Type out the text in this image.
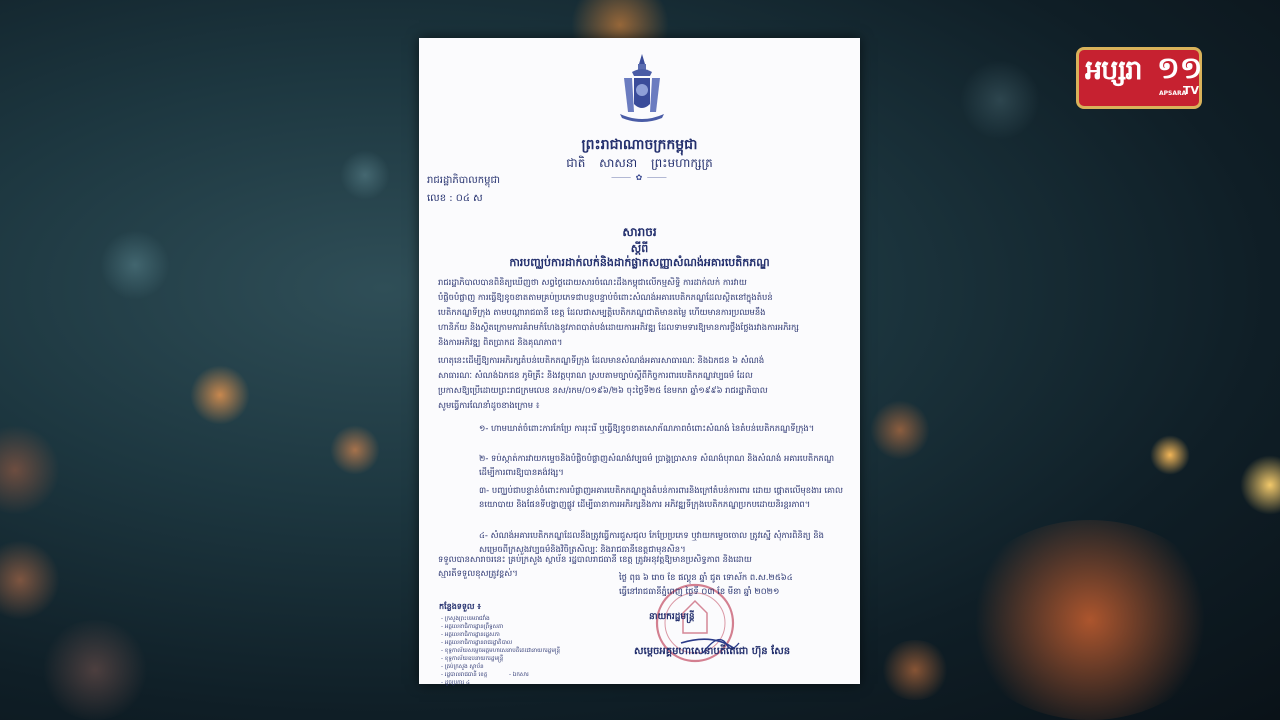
អប្សរា ១១
APSARA
TV
ព្រះរាជាណាចក្រកម្ពុជា
ជាតិ សាសនា ព្រះមហាក្សត្រ
⸻ ✿ ⸻
រាជរដ្ឋាភិបាលកម្ពុជា
លេខ : ០៤ ស
សារាចរ
ស្តីពី
ការបញ្ឈប់ការដាក់លក់និងដាក់ផ្លាកសញ្ញាសំណង់អគារបេតិកភណ្ឌ

រាជរដ្ឋាភិបាលបានពិនិត្យឃើញថា សព្វថ្ងៃដោយសារចំណេះដឹងកម្ពុជាលើកម្មសិទ្ធិ ការដាក់លក់ ការវាយ

បំផ្លិចបំផ្លាញ ការធ្វើឱ្យខូចខាតតាមគ្រប់ប្រភេទជាបន្តបន្ទាប់ចំពោះសំណង់អគារបេតិកភណ្ឌដែលស្ថិតនៅក្នុងតំបន់

បេតិកភណ្ឌទីក្រុង តាមបណ្តារាជធានី ខេត្ត ដែលជាសម្បត្តិបេតិកភណ្ឌជាតិមានតម្លៃ ហើយមានការប្រឈមនឹង

ហានិភ័យ និងស្ថិតក្រោមការគំរាមកំហែងនូវភាពបាត់បង់ដោយការអភិវឌ្ឍ ដែលទាមទារឱ្យមានការថ្លឹងថ្លែងរវាងការអភិរក្ស

និងការអភិវឌ្ឍ ពិតប្រាកដ និងគុណភាព។

ហេតុនេះដើម្បីឱ្យការអភិរក្សតំបន់បេតិកភណ្ឌទីក្រុង ដែលមានសំណង់អគារសាធារណៈ និងឯកជន ៦ សំណង់

សាធារណៈ សំណង់ឯកជន ភូមិគ្រឹះ និងវត្តបុរាណ ស្របតាមច្បាប់ស្តីពីកិច្ចការពារបេតិកភណ្ឌវប្បធម៌ ដែល

ប្រកាសឱ្យប្រើដោយព្រះរាជក្រមលេខ នស/រកម/០១៩៦/២៦ ចុះថ្ងៃទី២៥ ខែមករា ឆ្នាំ១៩៩៦ រាជរដ្ឋាភិបាល

សូមធ្វើការណែនាំដូចខាងក្រោម ៖

១- ហាមឃាត់ចំពោះការកែប្រែ ការរុះរើ ឬធ្វើឱ្យខូចខាតសោភ័ណភាពចំពោះសំណង់ នៃតំបន់បេតិកភណ្ឌទីក្រុង។

២- ទប់ស្កាត់ការវាយកម្ទេចនិងបំផ្លិចបំផ្លាញសំណង់វប្បធម៌ ប្រាង្គប្រាសាទ សំណង់បុរាណ និងសំណង់ អគារបេតិកភណ្ឌ ដើម្បីការពារឱ្យបានគង់វង្ស។

៣- បញ្ឈប់ជាបន្ទាន់ចំពោះការបំផ្លាញអគារបេតិកភណ្ឌក្នុងតំបន់ការពារនិងក្រៅតំបន់ការពារ ដោយ ផ្តោតលើមុខងារ គោលនយោបាយ និងផែនទីបង្ហាញផ្លូវ ដើម្បីធានាការអភិរក្សនិងការ អភិវឌ្ឍទីក្រុងបេតិកភណ្ឌប្រកបដោយនិរន្តរភាព។

៤- សំណង់អគារបេតិកភណ្ឌដែលនឹងត្រូវធ្វើការជួសជុល កែប្រែប្រភេទ ឬវាយកម្ទេចចោល ត្រូវស្នើ សុំការពិនិត្យ និងសម្រេចពីក្រសួងវប្បធម៌និងវិចិត្រសិល្បៈ និងរាជធានីខេត្តជាមុនសិន។

ទទួលបានសារាចរនេះ គ្រប់ក្រសួង ស្ថាប័ន រដ្ឋបាលរាជធានី ខេត្ត ត្រូវអនុវត្តឱ្យមានប្រសិទ្ធភាព និងដោយ

ស្មារតីទទួលខុសត្រូវខ្ពស់។	ថ្ងៃ ពុធ ៦ រោច ខែ ផល្គុន ឆ្នាំ ជូត ទោស័ក ព.ស.២៥៦៤
ធ្វើនៅរាជធានីភ្នំពេញ ថ្ងៃទី ០៣ ខែ មីនា ឆ្នាំ ២០២១
នាយករដ្ឋមន្ត្រី
កន្លែងទទួល ៖
- ក្រសួងព្រះបរមរាជវាំង
- អគ្គលេខាធិការដ្ឋានព្រឹទ្ធសភា
- អគ្គលេខាធិការដ្ឋានរដ្ឋសភា
- អគ្គលេខាធិការដ្ឋានរាជរដ្ឋាភិបាល
- ខុទ្ទកាល័យសម្តេចអគ្គមហាសេនាបតីតេជោនាយករដ្ឋមន្ត្រី
- ខុទ្ទកាល័យឧបនាយករដ្ឋមន្ត្រី
- គ្រប់ក្រសួង ស្ថាប័ន
- រដ្ឋបាលរាជធានី ខេត្ត
- ដូចប្រការ ៤
- ឯកសារ
សម្តេចអគ្គមហាសេនាបតីតេជោ ហ៊ុន សែន
